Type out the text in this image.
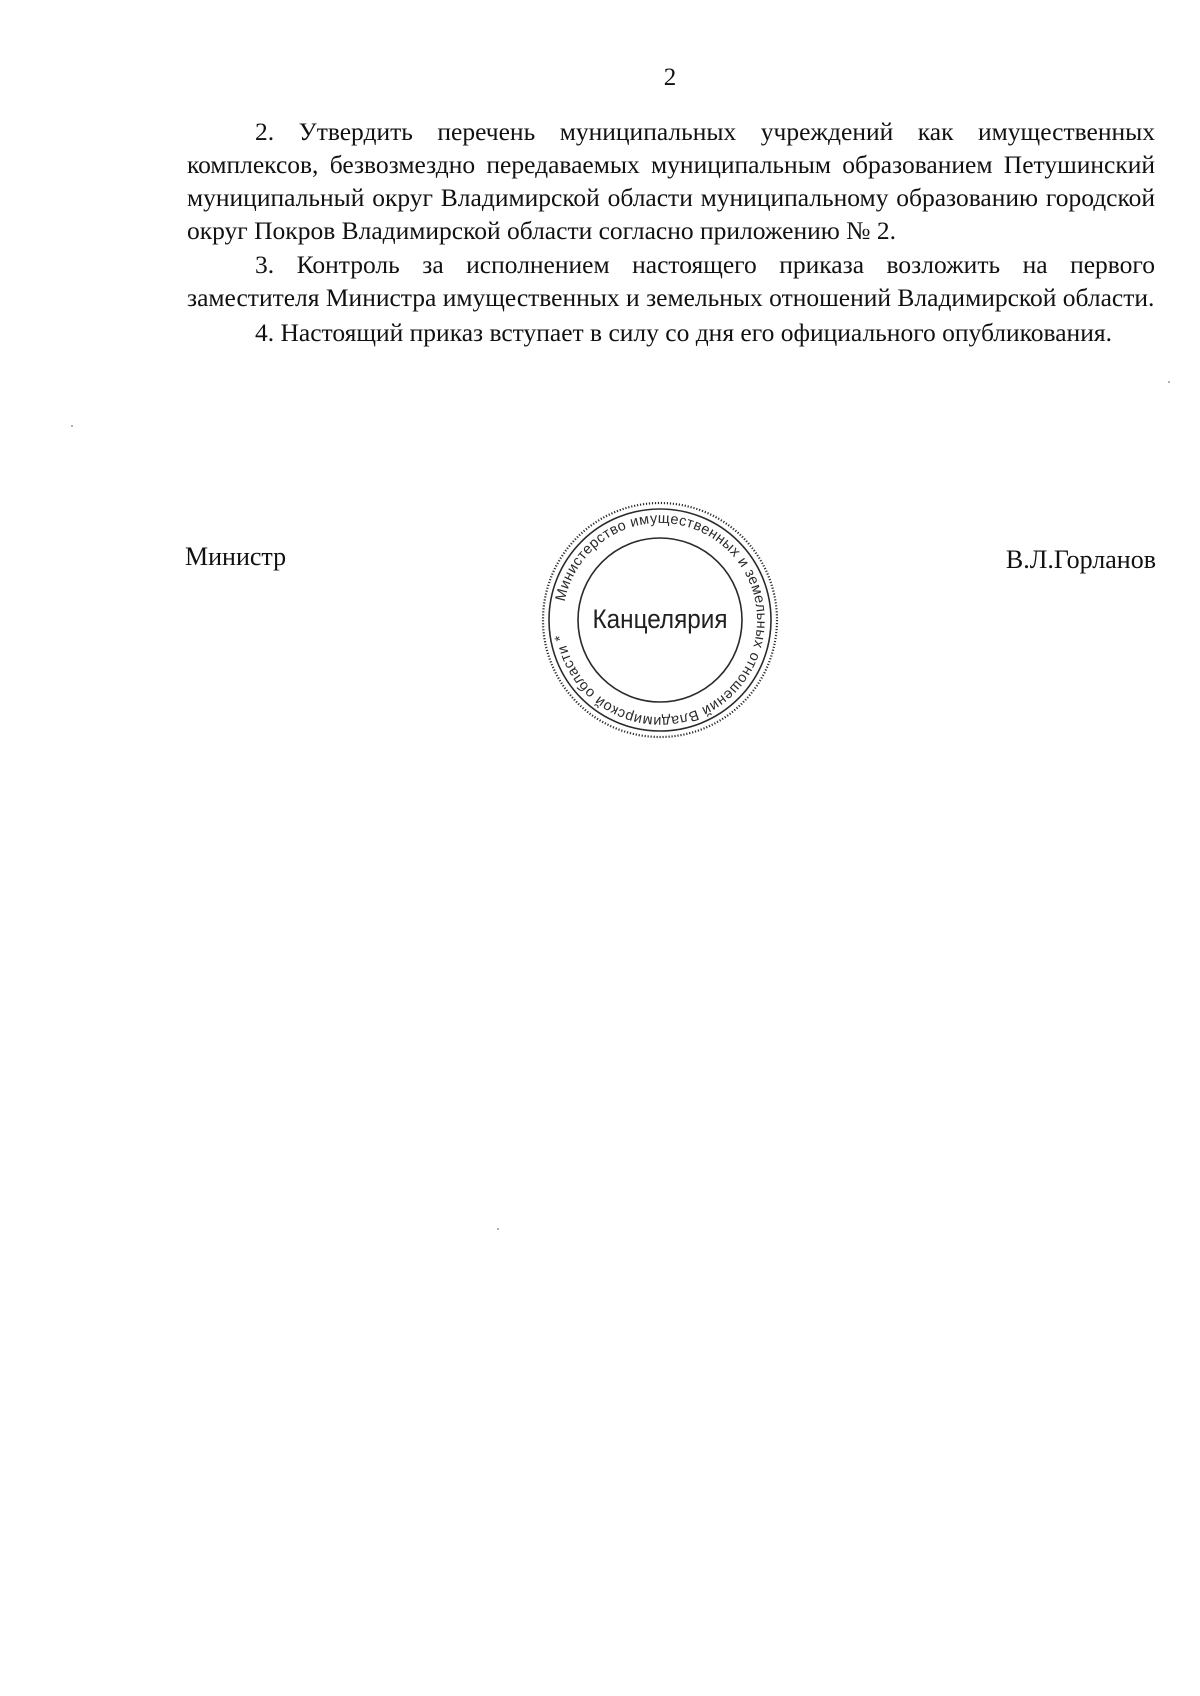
2

2. Утвердить перечень муниципальных учреждений как имущественных комплексов, безвозмездно передаваемых муниципальным образованием Петушинский муниципальный округ Владимирской области муниципальному образованию городской округ Покров Владимирской области согласно приложению № 2.

3. Контроль за исполнением настоящего приказа возложить на первого заместителя Министра имущественных и земельных отношений Владимирской области.

4. Настоящий приказ вступает в силу со дня его официального опубликования.

Министр	В.Л.Горланов
Министерство имущественных и земельных отношений Владимирской области *
Канцелярия
